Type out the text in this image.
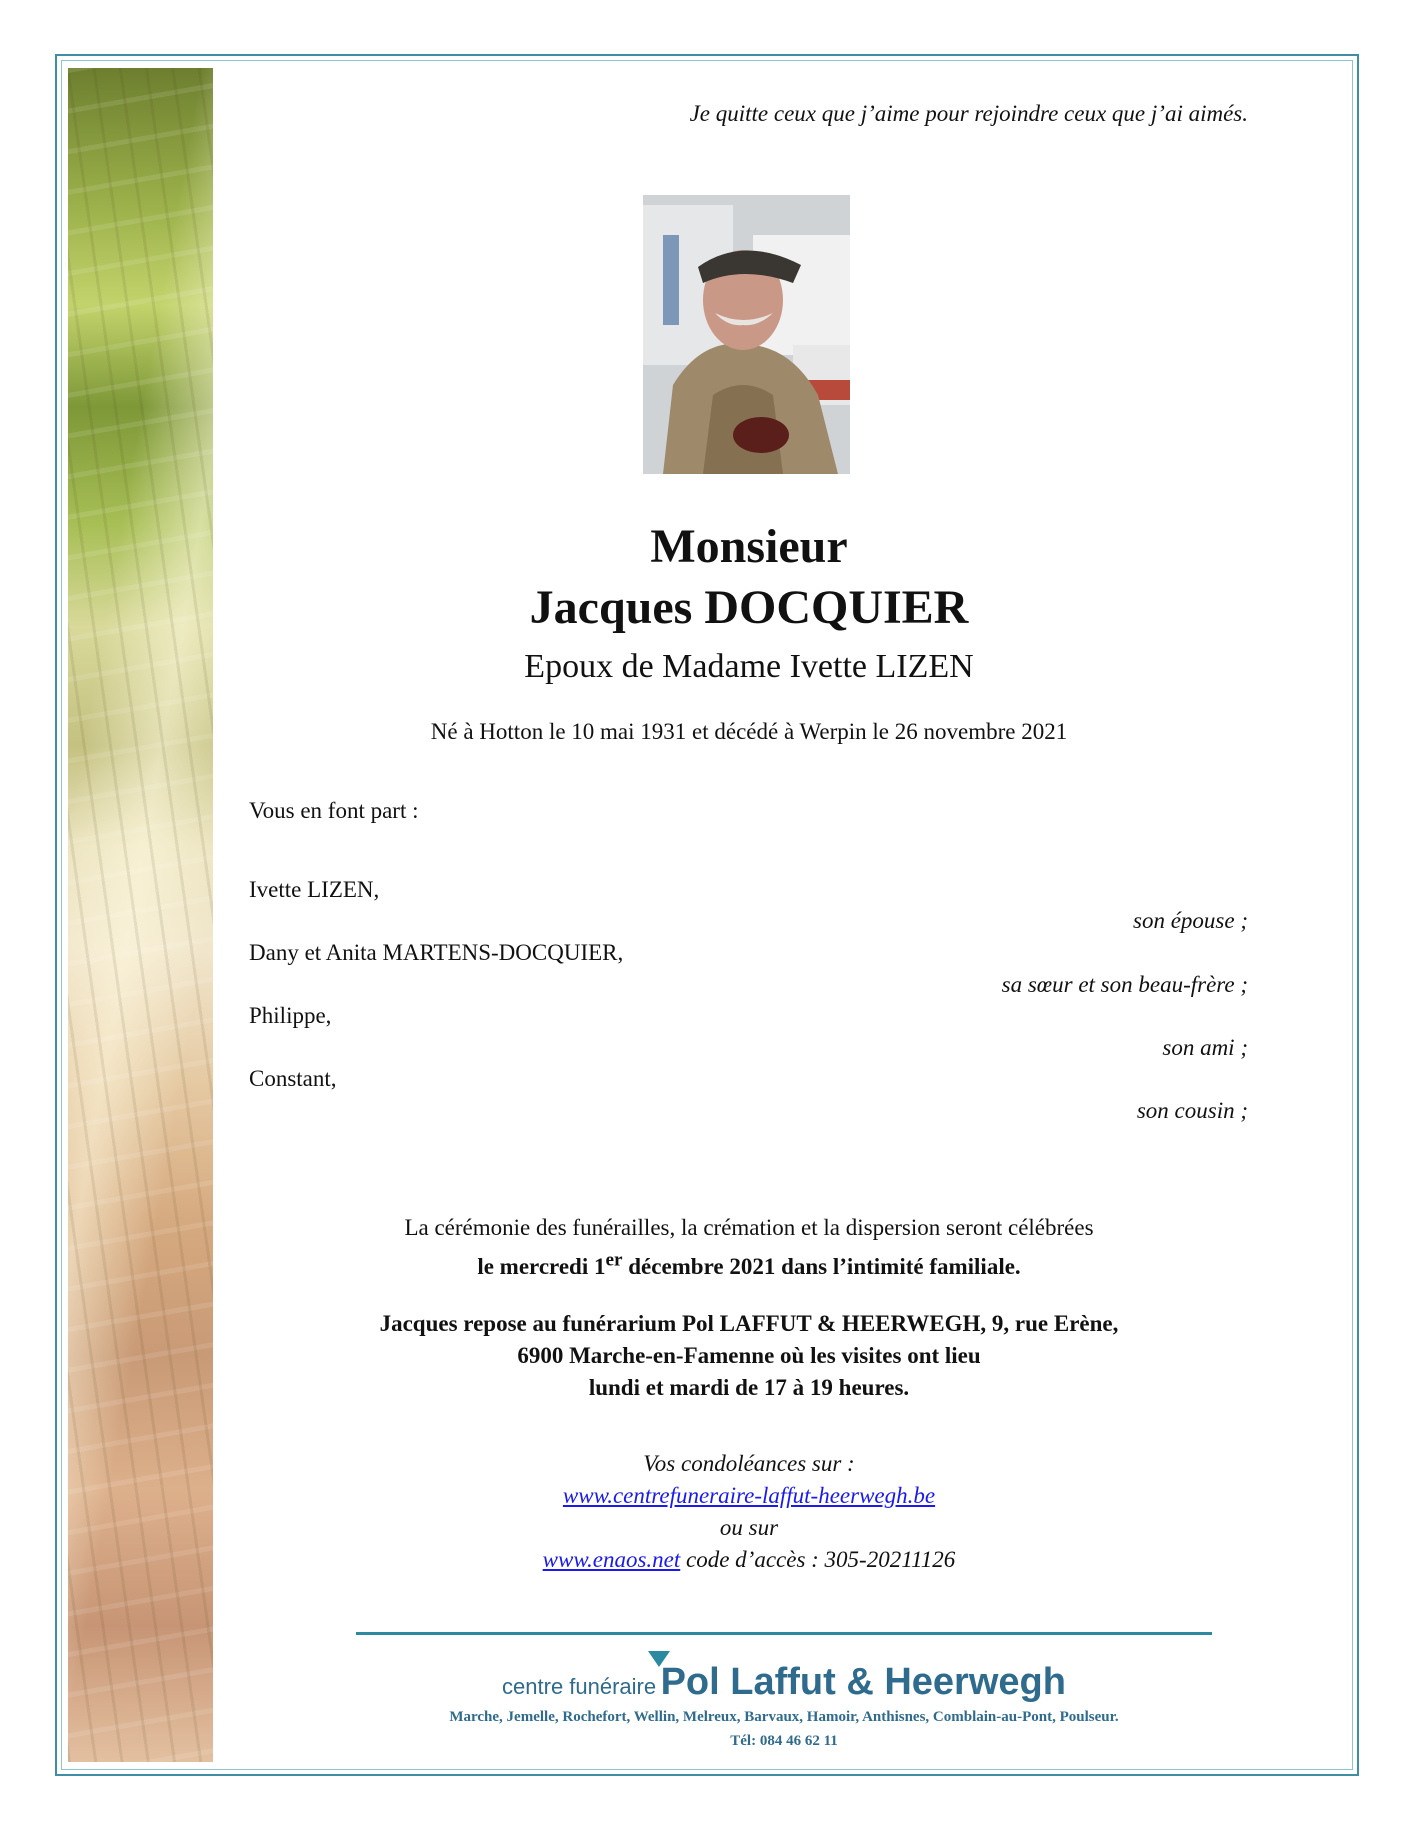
Je quitte ceux que j’aime pour rejoindre ceux que j’ai aimés.
Monsieur
Jacques DOCQUIER
Epoux de Madame Ivette LIZEN
Né à Hotton le 10 mai 1931 et décédé à Werpin le 26 novembre 2021
Vous en font part :
Ivette LIZEN,
son épouse ;
Dany et Anita MARTENS-DOCQUIER,
sa sœur et son beau-frère ;
Philippe,
son ami ;
Constant,
son cousin ;
La cérémonie des funérailles, la crémation et la dispersion seront célébrées
le mercredi 1er décembre 2021 dans l’intimité familiale.
Jacques repose au funérarium Pol LAFFUT & HEERWEGH, 9, rue Erène,
6900 Marche-en-Famenne où les visites ont lieu
lundi et mardi de 17 à 19 heures.
Vos condoléances sur :
www.centrefuneraire-laffut-heerwegh.be
ou sur
www.enaos.net code d’accès : 305-20211126
centre funéraire Pol Laffut & Heerwegh
Marche, Jemelle, Rochefort, Wellin, Melreux, Barvaux, Hamoir, Anthisnes, Comblain-au-Pont, Poulseur.
Tél: 084 46 62 11
